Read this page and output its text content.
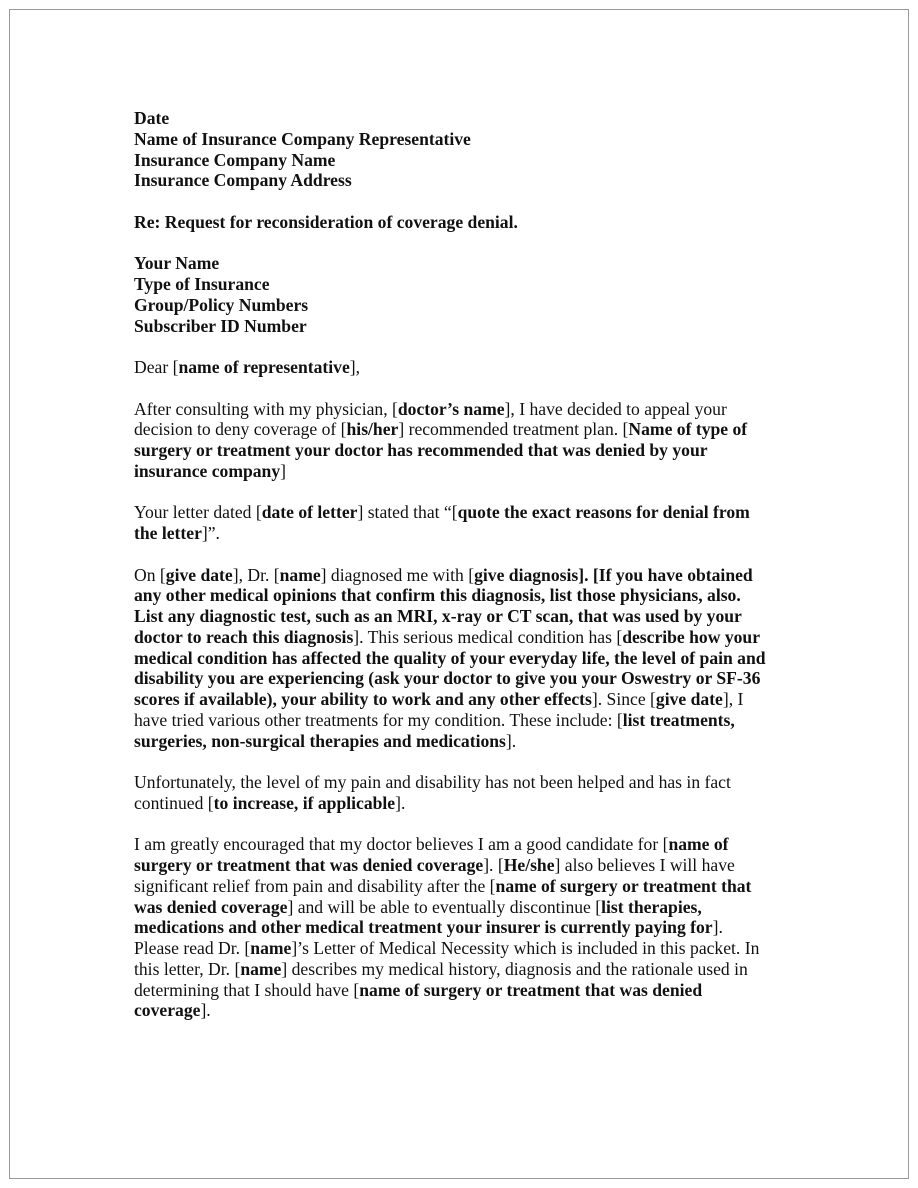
Date
Name of Insurance Company Representative
Insurance Company Name
Insurance Company Address
Re: Request for reconsideration of coverage denial.
Your Name
Type of Insurance
Group/Policy Numbers
Subscriber ID Number
Dear [name of representative],
After consulting with my physician, [doctor’s name], I have decided to appeal your
decision to deny coverage of [his/her] recommended treatment plan. [Name of type of
surgery or treatment your doctor has recommended that was denied by your
insurance company]
Your letter dated [date of letter] stated that “[quote the exact reasons for denial from
the letter]”.
On [give date], Dr. [name] diagnosed me with [give diagnosis]. [If you have obtained
any other medical opinions that confirm this diagnosis, list those physicians, also.
List any diagnostic test, such as an MRI, x-ray or CT scan, that was used by your
doctor to reach this diagnosis]. This serious medical condition has [describe how your
medical condition has affected the quality of your everyday life, the level of pain and
disability you are experiencing (ask your doctor to give you your Oswestry or SF-36
scores if available), your ability to work and any other effects]. Since [give date], I
have tried various other treatments for my condition. These include: [list treatments,
surgeries, non-surgical therapies and medications].
Unfortunately, the level of my pain and disability has not been helped and has in fact
continued [to increase, if applicable].
I am greatly encouraged that my doctor believes I am a good candidate for [name of
surgery or treatment that was denied coverage]. [He/she] also believes I will have
significant relief from pain and disability after the [name of surgery or treatment that
was denied coverage] and will be able to eventually discontinue [list therapies,
medications and other medical treatment your insurer is currently paying for].
Please read Dr. [name]’s Letter of Medical Necessity which is included in this packet. In
this letter, Dr. [name] describes my medical history, diagnosis and the rationale used in
determining that I should have [name of surgery or treatment that was denied
coverage].
